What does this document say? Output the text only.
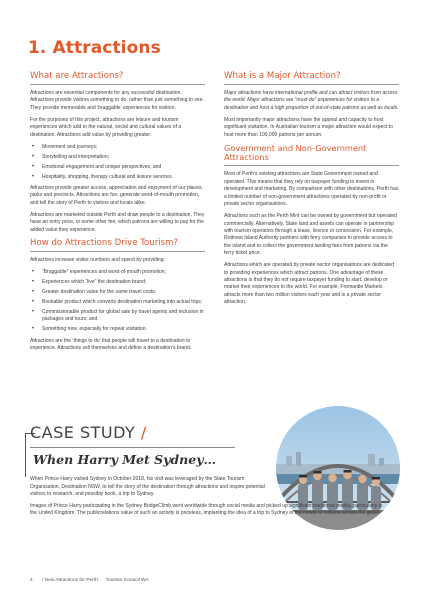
1. Attractions
What are Attractions?

Attractions are essential components for any successful destination. Attractions provide visitors something to do, rather than just something to see. They provide memorable and ‘braggable’ experiences for visitors.

For the purposes of this project, attractions are leisure and tourism experiences which add to the natural, social and cultural values of a destination. Attractions add value by providing greater:

• Movement and journeys;
• Storytelling and interpretation;
• Emotional engagement and unique perspectives; and
• Hospitality, shopping, therapy cultural and leisure services.

Attractions provide greater access, appreciation and enjoyment of our places, parks and precincts. Attractions are fun, generate word-of-mouth promotion, and tell the story of Perth to visitors and locals alike.

Attractions are marketed outside Perth and draw people to a destination. They have an entry price, or some other fee, which patrons are willing to pay for the added value they experience.

How do Attractions Drive Tourism?

Attractions increase visitor numbers and spend by providing:

• “Braggable” experiences and word-of-mouth promotion;
• Experiences which “live” the destination brand;
• Greater destination value for the same travel costs;
• Bookable product which converts destination marketing into actual trips;
• Commissionable product for global sale by travel agents and inclusion in packages and tours; and
• Something new, especially for repeat visitation.

Attractions are the ‘things to do’ that people will travel to a destination to experience. Attractions sell themselves and define a destination’s brand.

What is a Major Attraction?

Major attractions have international profile and can attract visitors from across the world. Major attractions are “must-do” experiences for visitors to a destination and host a high proportion of out-of-state patrons as well as locals.

Most importantly major attractions have the appeal and capacity to host significant visitation. In Australian tourism a major attraction would expect to host more than 100,000 patrons per annum.

Government and Non-Government Attractions

Most of Perth’s existing attractions are State Government owned and operated. This means that they rely on taxpayer funding to invest in development and marketing. By comparison with other destinations, Perth has a limited number of non-government attractions operated by non-profit or private sector organisations.

Attractions such as the Perth Mint can be owned by government but operated commercially. Alternatively, State land and assets can operate in partnership with tourism operators through a lease, licence or concession. For example, Rottnest Island Authority partners with ferry companies to provide access to the island and to collect the government landing fees from patrons via the ferry ticket price.

Attractions which are operated by private sector organisations are dedicated to providing experiences which attract patrons. One advantage of these attractions is that they do not require taxpayer funding to start, develop or market their experiences to the world. For example, Fremantle Markets attracts more than two million visitors each year and is a private sector attraction.

CASE STUDY /
When Harry Met Sydney…

When Prince Harry visited Sydney in October 2018, his visit was leveraged by the State Tourism Organisation, Destination NSW, to tell the story of the destination through attractions and inspire potential visitors to research, and possibly book, a trip to Sydney.

Images of Prince Harry participating in the Sydney BridgeClimb went worldwide through social media and picked up significant traditional media, particularly in the United Kingdom. The publicrelations value of such an activity is priceless, implanting the idea of a trip to Sydney in the minds of millions across the globe.

4 / New Attractions for Perth Tourism Council WA
